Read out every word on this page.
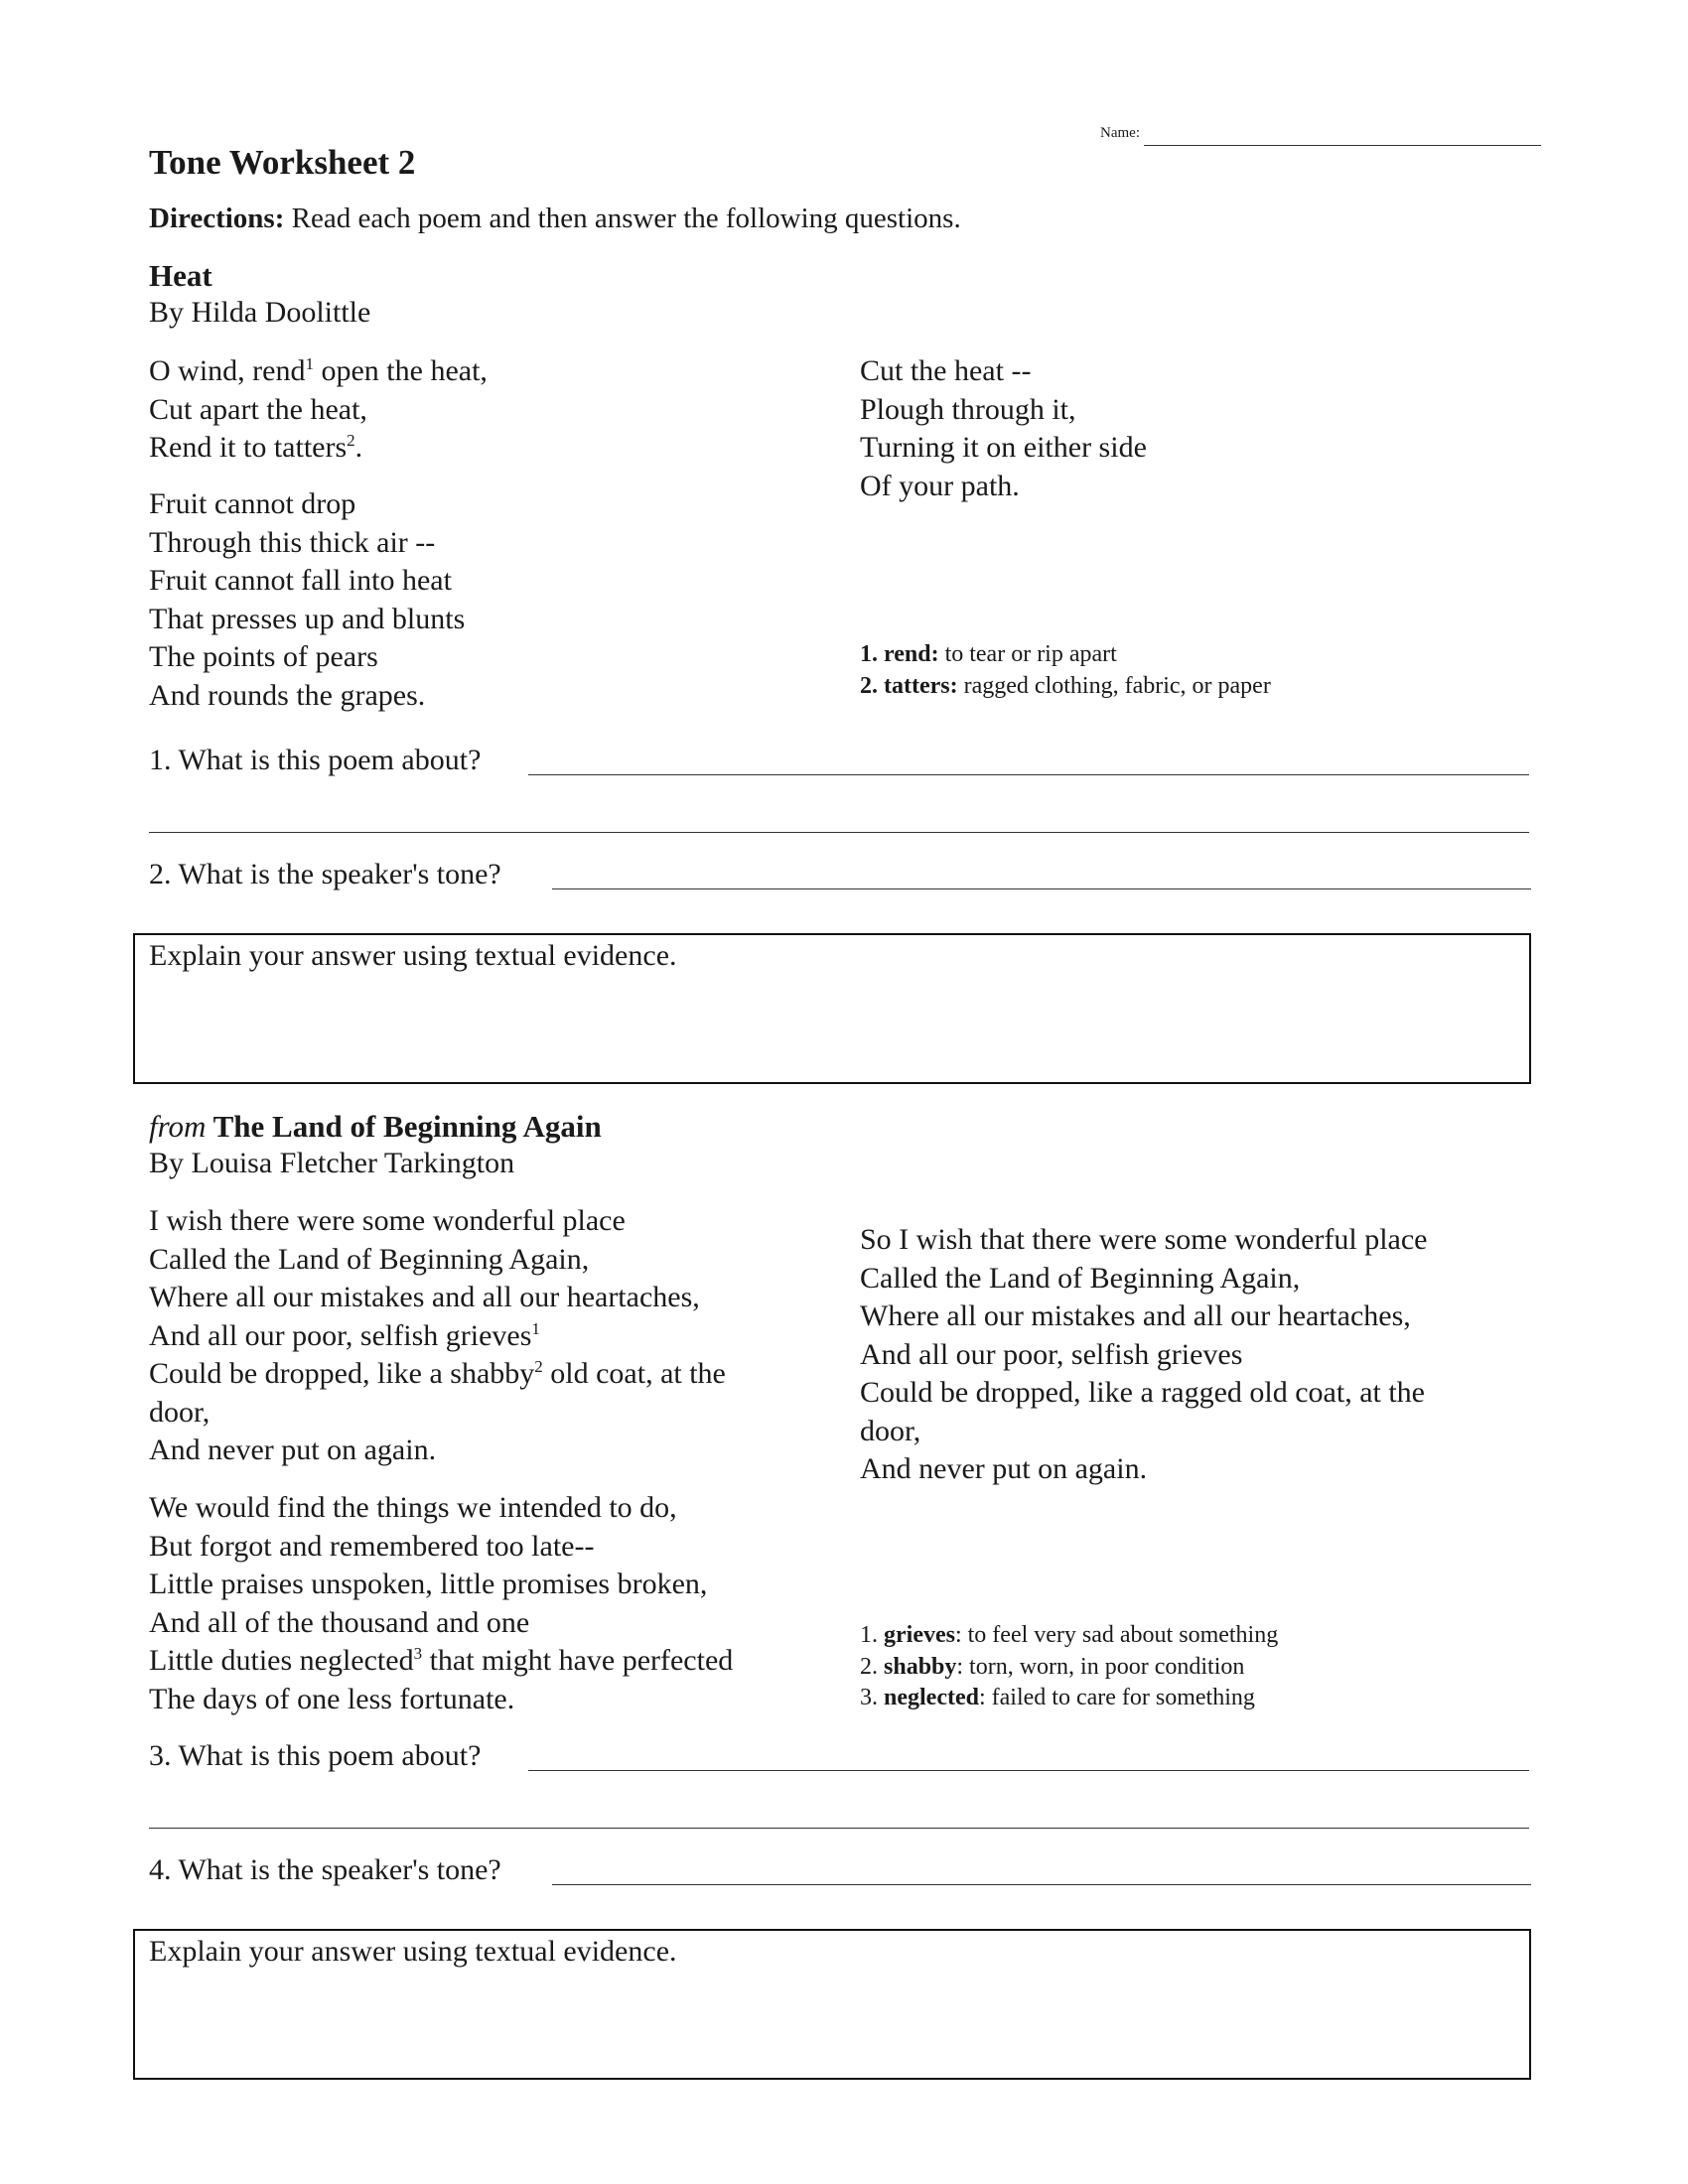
Name:
Tone Worksheet 2
Directions: Read each poem and then answer the following questions.
Heat
By Hilda Doolittle
O wind, rend$^1$ open the heat,
Cut apart the heat,
Rend it to tatters$^2$.
Fruit cannot drop
Through this thick air --
Fruit cannot fall into heat
That presses up and blunts
The points of pears
And rounds the grapes.
Cut the heat --
Plough through it,
Turning it on either side
Of your path.
1. rend: to tear or rip apart
2. tatters: ragged clothing, fabric, or paper
1. What is this poem about?
2. What is the speaker's tone?
Explain your answer using textual evidence.
from The Land of Beginning Again
By Louisa Fletcher Tarkington
I wish there were some wonderful place
Called the Land of Beginning Again,
Where all our mistakes and all our heartaches,
And all our poor, selfish grieves$^1$
Could be dropped, like a shabby$^2$ old coat, at the
door,
And never put on again.
We would find the things we intended to do,
But forgot and remembered too late--
Little praises unspoken, little promises broken,
And all of the thousand and one
Little duties neglected$^3$ that might have perfected
The days of one less fortunate.
So I wish that there were some wonderful place
Called the Land of Beginning Again,
Where all our mistakes and all our heartaches,
And all our poor, selfish grieves
Could be dropped, like a ragged old coat, at the
door,
And never put on again.
1. grieves: to feel very sad about something
2. shabby: torn, worn, in poor condition
3. neglected: failed to care for something
3. What is this poem about?
4. What is the speaker's tone?
Explain your answer using textual evidence.
